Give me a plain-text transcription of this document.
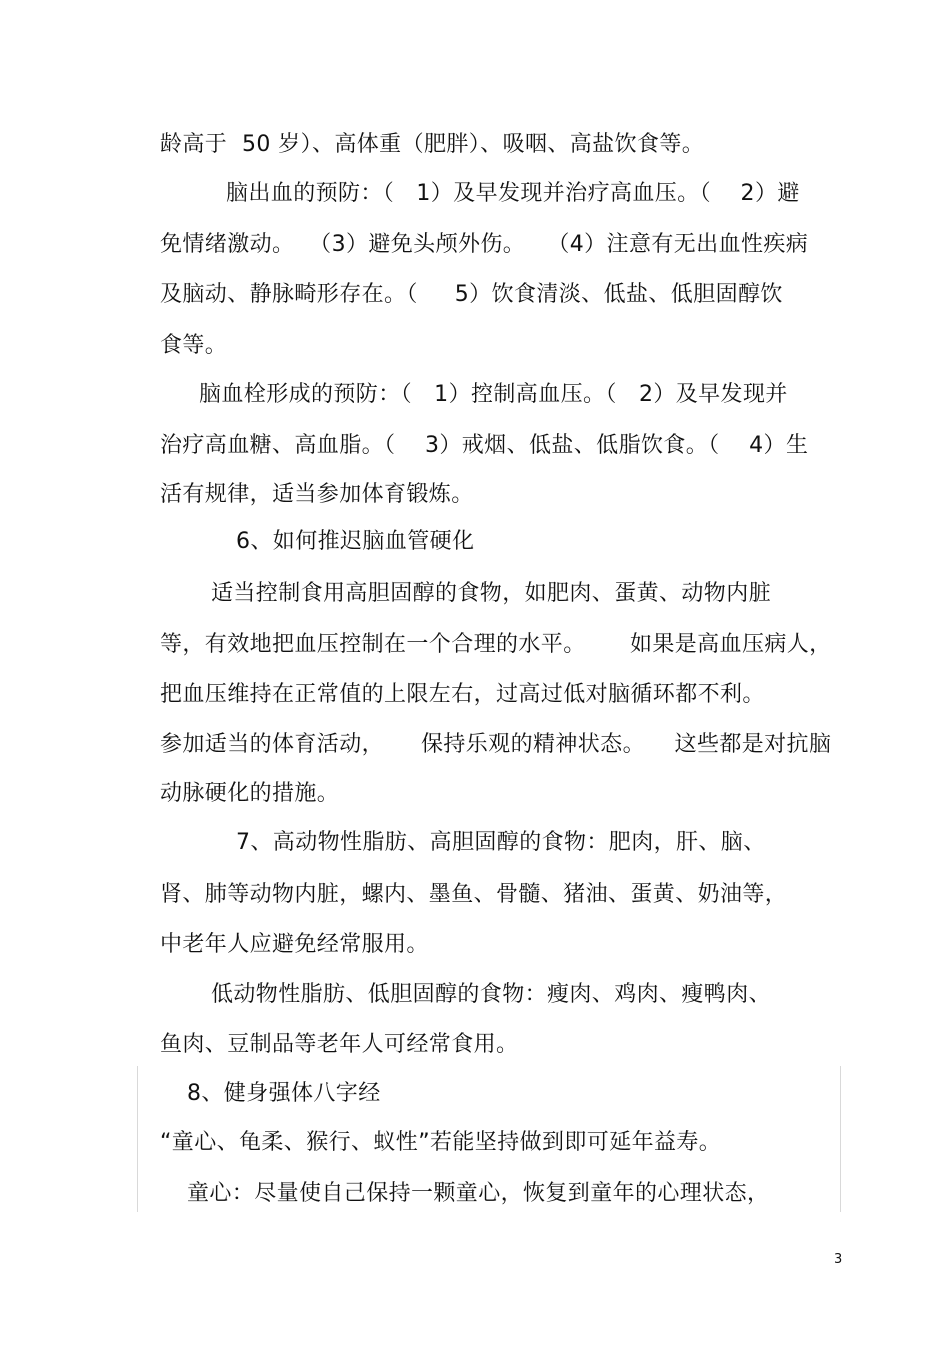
龄高于  50 岁）、高体重（肥胖）、吸咽、高盐饮食等。
脑出血的预防：（   1）及早发现并治疗高血压。（    2）避
免情绪激动。  （3）避免头颅外伤。   （4）注意有无出血性疾病
及脑动、静脉畸形存在。（     5）饮食清淡、低盐、低胆固醇饮
食等。
脑血栓形成的预防：（   1）控制高血压。（   2）及早发现并
治疗高血糖、高血脂。（    3）戒烟、低盐、低脂饮食。（    4）生
活有规律，适当参加体育锻炼。
6、如何推迟脑血管硬化
适当控制食用高胆固醇的食物，如肥肉、蛋黄、动物内脏
等，有效地把血压控制在一个合理的水平。      如果是高血压病人，
把血压维持在正常值的上限左右，过高过低对脑循环都不利。
参加适当的体育活动，     保持乐观的精神状态。    这些都是对抗脑
动脉硬化的措施。
7、高动物性脂肪、高胆固醇的食物：肥肉，肝、脑、
肾、肺等动物内脏，螺内、墨鱼、骨髓、猪油、蛋黄、奶油等，
中老年人应避免经常服用。
低动物性脂肪、低胆固醇的食物：瘦肉、鸡肉、瘦鸭肉、
鱼肉、豆制品等老年人可经常食用。
8、健身强体八字经
“童心、龟柔、猴行、蚁性”若能坚持做到即可延年益寿。
童心：尽量使自己保持一颗童心，恢复到童年的心理状态，
3
